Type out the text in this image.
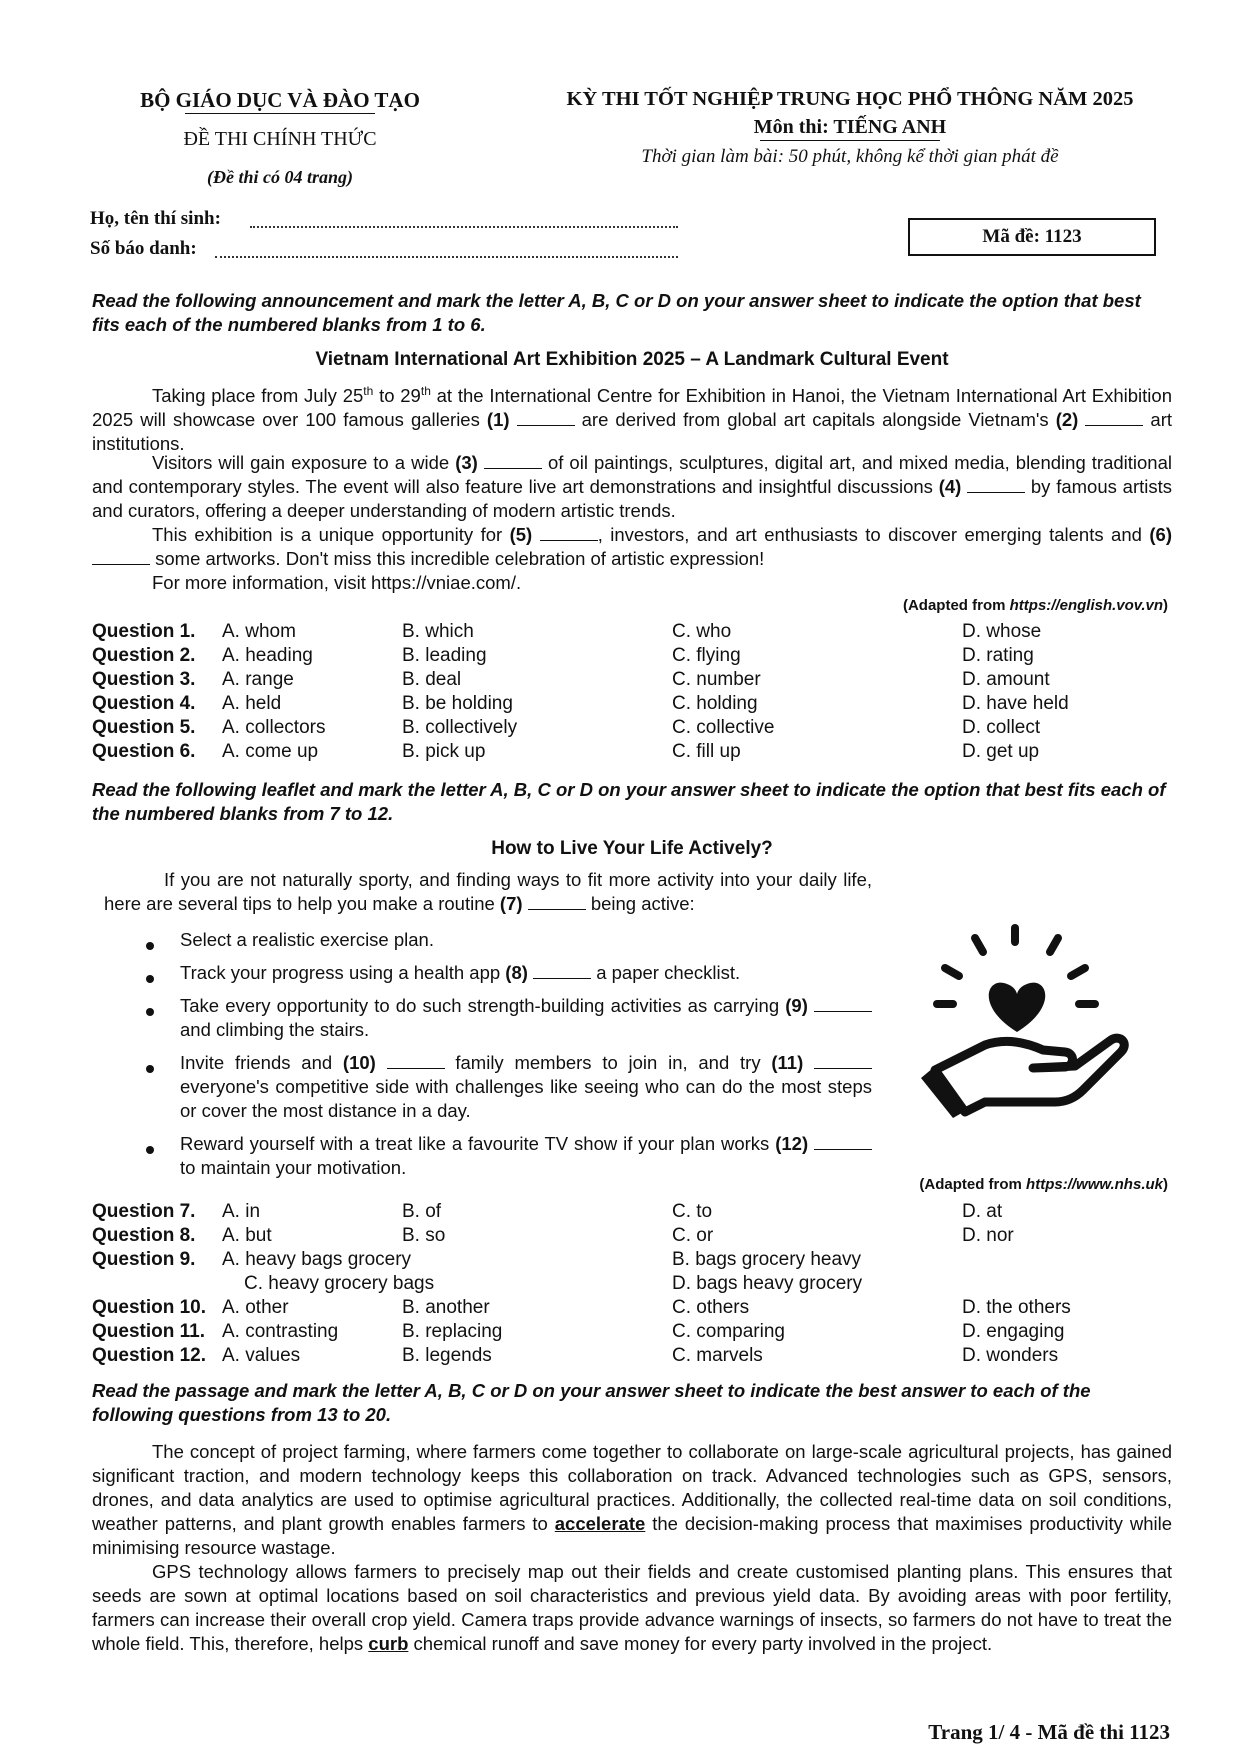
BỘ GIÁO DỤC VÀ ĐÀO TẠO
ĐỀ THI CHÍNH THỨC
(Đề thi có 04 trang)
KỲ THI TỐT NGHIỆP TRUNG HỌC PHỔ THÔNG NĂM 2025
Môn thi: TIẾNG ANH
Thời gian làm bài: 50 phút, không kể thời gian phát đề
Họ, tên thí sinh:
Số báo danh:
Mã đề: 1123
Read the following announcement and mark the letter A, B, C or D on your answer sheet to indicate the option that best fits each of the numbered blanks from 1 to 6.
Vietnam International Art Exhibition 2025 – A Landmark Cultural Event
Taking place from July 25th to 29th at the International Centre for Exhibition in Hanoi, the Vietnam International Art Exhibition 2025 will showcase over 100 famous galleries (1)	are derived from global art capitals alongside Vietnam's (2)	art institutions.
Visitors will gain exposure to a wide (3)	of oil paintings, sculptures, digital art, and mixed media, blending traditional and contemporary styles. The event will also feature live art demonstrations and insightful discussions (4)	by famous artists and curators, offering a deeper understanding of modern artistic trends.
This exhibition is a unique opportunity for (5)	, investors, and art enthusiasts to discover emerging talents and (6)  some artworks. Don't miss this incredible celebration of artistic expression!
For more information, visit https://vniae.com/.
(Adapted from https://english.vov.vn)
Question 1. A. whom	B. which	C. who	D. whose
Question 2. A. heading	B. leading	C. flying	D. rating
Question 3. A. range	B. deal	C. number	D. amount
Question 4. A. held	B. be holding	C. holding	D. have held
Question 5. A. collectors	B. collectively	C. collective	D. collect
Question 6. A. come up	B. pick up	C. fill up	D. get up
Read the following leaflet and mark the letter A, B, C or D on your answer sheet to indicate the option that best fits each of the numbered blanks from 7 to 12.
How to Live Your Life Actively?
If you are not naturally sporty, and finding ways to fit more activity into your daily life, here are several tips to help you make a routine (7)	being active:
Select a realistic exercise plan.
Track your progress using a health app (8)	a paper checklist.
Take every opportunity to do such strength-building activities as carrying (9)  and climbing the stairs.
Invite friends and (10)	family members to join in, and try (11)  everyone's competitive side with challenges like seeing who can do the most steps or cover the most distance in a day.
Reward yourself with a treat like a favourite TV show if your plan works (12)  to maintain your motivation.
(Adapted from https://www.nhs.uk)
Question 7. A. in	B. of	C. to	D. at
Question 8. A. but	B. so	C. or	D. nor
Question 9. A. heavy bags grocery	B. bags grocery heavy
C. heavy grocery bags	D. bags heavy grocery
Question 10. A. other	B. another	C. others	D. the others
Question 11. A. contrasting	B. replacing	C. comparing	D. engaging
Question 12. A. values	B. legends	C. marvels	D. wonders
Read the passage and mark the letter A, B, C or D on your answer sheet to indicate the best answer to each of the following questions from 13 to 20.
The concept of project farming, where farmers come together to collaborate on large-scale agricultural projects, has gained significant traction, and modern technology keeps this collaboration on track. Advanced technologies such as GPS, sensors, drones, and data analytics are used to optimise agricultural practices. Additionally, the collected real-time data on soil conditions, weather patterns, and plant growth enables farmers to accelerate the decision-making process that maximises productivity while minimising resource wastage.
GPS technology allows farmers to precisely map out their fields and create customised planting plans. This ensures that seeds are sown at optimal locations based on soil characteristics and previous yield data. By avoiding areas with poor fertility, farmers can increase their overall crop yield. Camera traps provide advance warnings of insects, so farmers do not have to treat the whole field. This, therefore, helps curb chemical runoff and save money for every party involved in the project.
Trang 1/ 4 - Mã đề thi 1123
